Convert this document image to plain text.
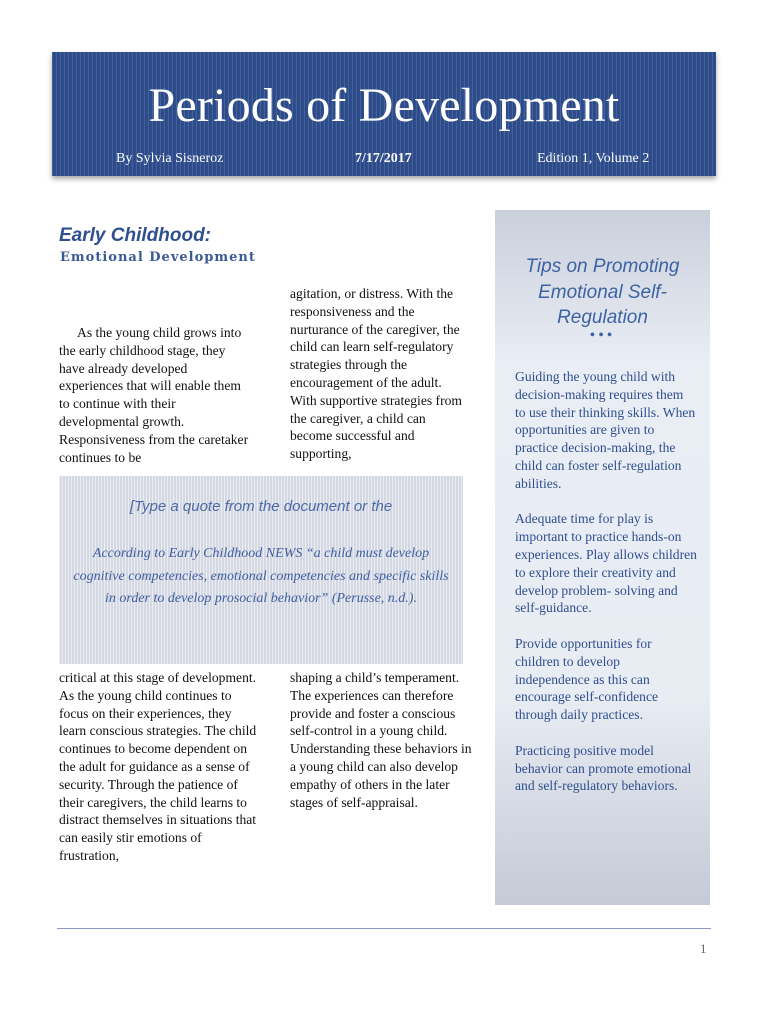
Periods of Development
By Sylvia Sisneroz	7/17/2017	Edition 1, Volume 2
Early Childhood:
Emotional Development

As the young child grows into the early childhood stage, they have already developed experiences that will enable them to continue with their developmental growth. Responsiveness from the caretaker continues to be

agitation, or distress. With the responsiveness and the nurturance of the caregiver, the child can learn self-regulatory strategies through the encouragement of the adult. With supportive strategies from the caregiver, a child can become successful and supporting,

[Type a quote from the document or the
According to Early Childhood NEWS “a child must develop cognitive competencies, emotional competencies and specific skills in order to develop prosocial behavior” (Perusse, n.d.).

critical at this stage of development. As the young child continues to focus on their experiences, they learn conscious strategies. The child continues to become dependent on the adult for guidance as a sense of security. Through the patience of their caregivers, the child learns to distract themselves in situations that can easily stir emotions of frustration,

shaping a child’s temperament. The experiences can therefore provide and foster a conscious self-control in a young child. Understanding these behaviors in a young child can also develop empathy of others in the later stages of self-appraisal.

Tips on Promoting Emotional Self-Regulation
•••

Guiding the young child with decision-making requires them to use their thinking skills. When opportunities are given to practice decision-making, the child can foster self-regulation abilities.

Adequate time for play is important to practice hands-on experiences. Play allows children to explore their creativity and develop problem- solving and self-guidance.

Provide opportunities for children to develop independence as this can encourage self-confidence through daily practices.

Practicing positive model behavior can promote emotional and self-regulatory behaviors.

1
